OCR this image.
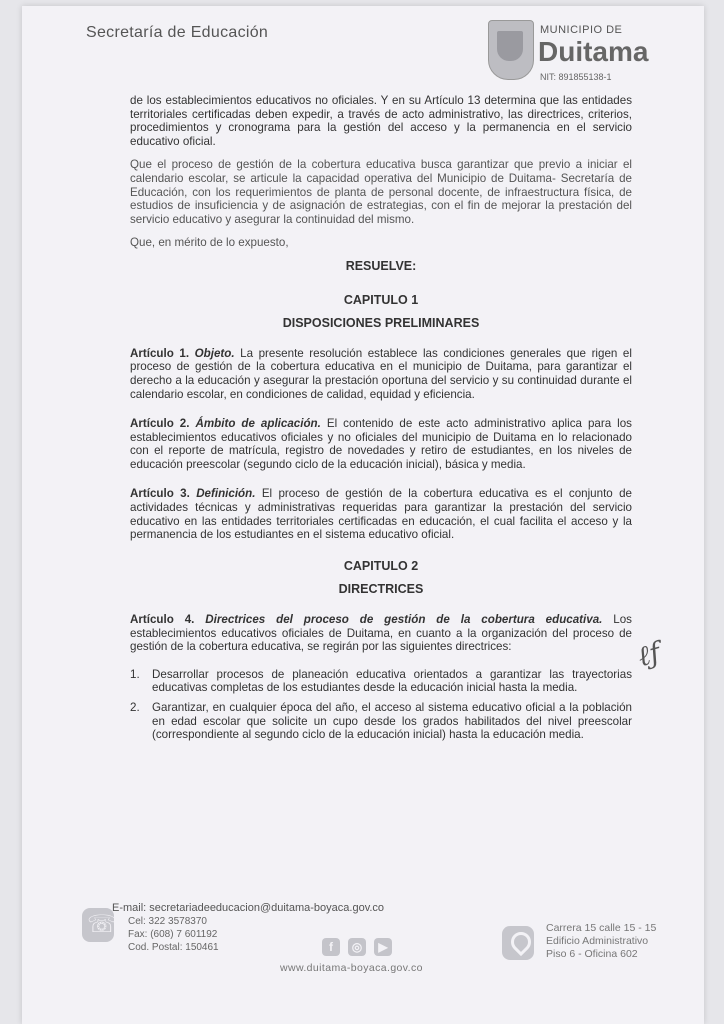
Secretaría de Educación	MUNICIPIO DE
Duitama
NIT: 891855138-1

de los establecimientos educativos no oficiales. Y en su Artículo 13 determina que las entidades territoriales certificadas deben expedir, a través de acto administrativo, las directrices, criterios, procedimientos y cronograma para la gestión del acceso y la permanencia en el servicio educativo oficial.

Que el proceso de gestión de la cobertura educativa busca garantizar que previo a iniciar el calendario escolar, se articule la capacidad operativa del Municipio de Duitama- Secretaría de Educación, con los requerimientos de planta de personal docente, de infraestructura física, de estudios de insuficiencia y de asignación de estrategias, con el fin de mejorar la prestación del servicio educativo y asegurar la continuidad del mismo.

Que, en mérito de lo expuesto,

RESUELVE:

CAPITULO 1

DISPOSICIONES PRELIMINARES

Artículo 1. Objeto. La presente resolución establece las condiciones generales que rigen el proceso de gestión de la cobertura educativa en el municipio de Duitama, para garantizar el derecho a la educación y asegurar la prestación oportuna del servicio y su continuidad durante el calendario escolar, en condiciones de calidad, equidad y eficiencia.

Artículo 2. Ámbito de aplicación. El contenido de este acto administrativo aplica para los establecimientos educativos oficiales y no oficiales del municipio de Duitama en lo relacionado con el reporte de matrícula, registro de novedades y retiro de estudiantes, en los niveles de educación preescolar (segundo ciclo de la educación inicial), básica y media.

Artículo 3. Definición. El proceso de gestión de la cobertura educativa es el conjunto de actividades técnicas y administrativas requeridas para garantizar la prestación del servicio educativo en las entidades territoriales certificadas en educación, el cual facilita el acceso y la permanencia de los estudiantes en el sistema educativo oficial.

CAPITULO 2

DIRECTRICES

Artículo 4. Directrices del proceso de gestión de la cobertura educativa. Los establecimientos educativos oficiales de Duitama, en cuanto a la organización del proceso de gestión de la cobertura educativa, se regirán por las siguientes directrices:

1. Desarrollar procesos de planeación educativa orientados a garantizar las trayectorias educativas completas de los estudiantes desde la educación inicial hasta la media.
2. Garantizar, en cualquier época del año, el acceso al sistema educativo oficial a la población en edad escolar que solicite un cupo desde los grados habilitados del nivel preescolar (correspondiente al segundo ciclo de la educación inicial) hasta la educación media.
ℓƒ
☏
E-mail: secretariadeeducacion@duitama-boyaca.gov.co
Cel: 322 3578370
Fax: (608) 7 601192
Cod. Postal: 150461	f ◎ ▶
www.duitama-boyaca.gov.co
Carrera 15 calle 15 - 15
Edificio Administrativo
Piso 6 - Oficina 602
